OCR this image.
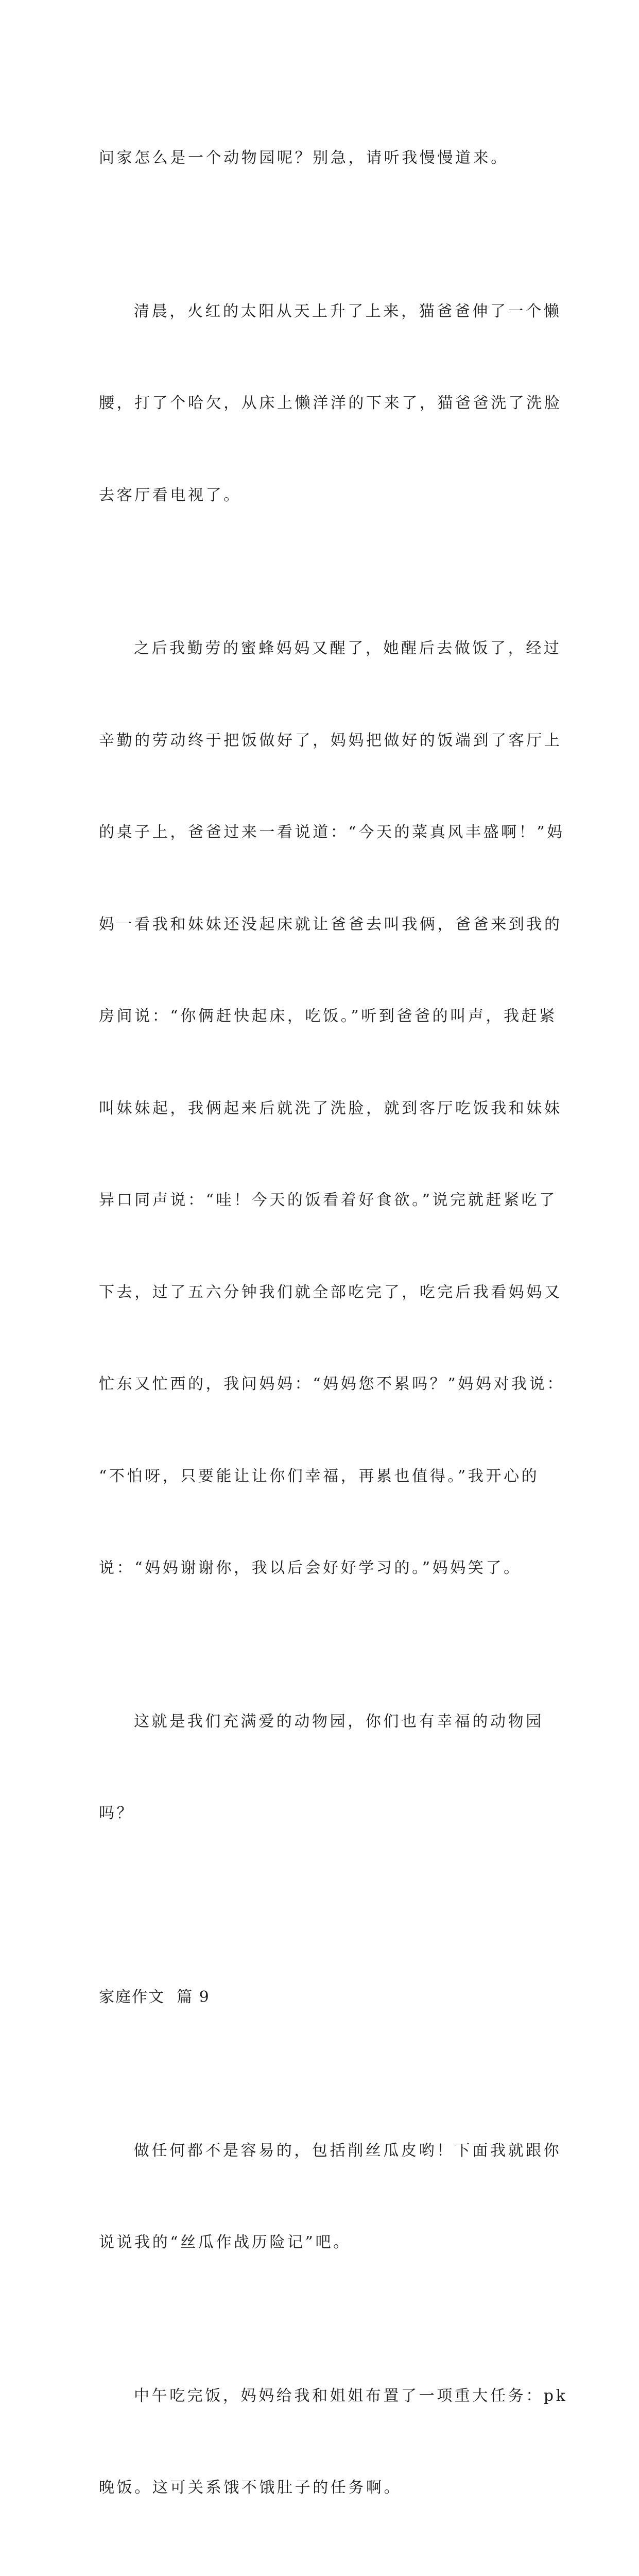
问家怎么是一个动物园呢？别急，请听我慢慢道来。

清晨，火红的太阳从天上升了上来，猫爸爸伸了一个懒

腰，打了个哈欠，从床上懒洋洋的下来了，猫爸爸洗了洗脸

去客厅看电视了。

之后我勤劳的蜜蜂妈妈又醒了，她醒后去做饭了，经过

辛勤的劳动终于把饭做好了，妈妈把做好的饭端到了客厅上

的桌子上，爸爸过来一看说道：“今天的菜真风丰盛啊！”妈

妈一看我和妹妹还没起床就让爸爸去叫我俩，爸爸来到我的

房间说：“你俩赶快起床，吃饭。”听到爸爸的叫声，我赶紧

叫妹妹起，我俩起来后就洗了洗脸，就到客厅吃饭我和妹妹

异口同声说：“哇！今天的饭看着好食欲。”说完就赶紧吃了

下去，过了五六分钟我们就全部吃完了，吃完后我看妈妈又

忙东又忙西的，我问妈妈：“妈妈您不累吗？”妈妈对我说：

“不怕呀，只要能让让你们幸福，再累也值得。”我开心的

说：“妈妈谢谢你，我以后会好好学习的。”妈妈笑了。

这就是我们充满爱的动物园，你们也有幸福的动物园

吗？

家庭作文  篇 9

做任何都不是容易的，包括削丝瓜皮哟！下面我就跟你

说说我的“丝瓜作战历险记”吧。

中午吃完饭，妈妈给我和姐姐布置了一项重大任务：pk

晚饭。这可关系饿不饿肚子的任务啊。
